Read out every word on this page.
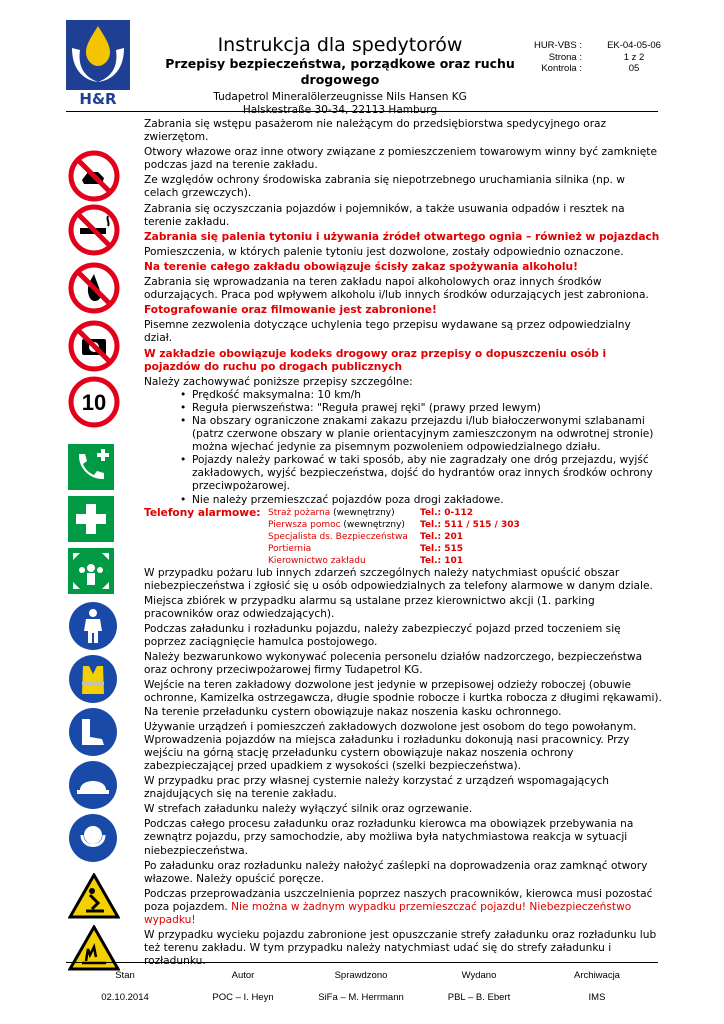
H&R
Instrukcja dla spedytorów
Przepisy bezpieczeństwa, porządkowe oraz ruchu drogowego
Tudapetrol Mineralölerzeugnisse Nils Hansen KG
Halskestraße 30-34, 22113 Hamburg
HUR-VBS :	EK-04-05-06
Strona :	1 z 2
Kontrola :	05
10

Zabrania się wstępu pasażerom nie należącym do przedsiębiorstwa spedycyjnego oraz zwierzętom.

Otwory włazowe oraz inne otwory związane z pomieszczeniem towarowym winny być zamknięte podczas jazd na terenie zakładu.

Ze względów ochrony środowiska zabrania się niepotrzebnego uruchamiania silnika (np. w celach grzewczych).

Zabrania się oczyszczania pojazdów i pojemników, a także usuwania odpadów i resztek na terenie zakładu.

Zabrania się palenia tytoniu i używania źródeł otwartego ognia – również w pojazdach

Pomieszczenia, w których palenie tytoniu jest dozwolone, zostały odpowiednio oznaczone.

Na terenie całego zakładu obowiązuje ścisły zakaz spożywania alkoholu!

Zabrania się wprowadzania na teren zakładu napoi alkoholowych oraz innych środków odurzających. Praca pod wpływem alkoholu i/lub innych środków odurzających jest zabroniona.

Fotografowanie oraz filmowanie jest zabronione!

Pisemne zezwolenia dotyczące uchylenia tego przepisu wydawane są przez odpowiedzialny dział.

W zakładzie obowiązuje kodeks drogowy oraz przepisy o dopuszczeniu osób i pojazdów do ruchu po drogach publicznych

Należy zachowywać poniższe przepisy szczególne:

• Prędkość maksymalna: 10 km/h
• Reguła pierwszeństwa: "Reguła prawej ręki" (prawy przed lewym)
• Na obszary ograniczone znakami zakazu przejazdu i/lub białoczerwonymi szlabanami (patrz czerwone obszary w planie orientacyjnym zamieszczonym na odwrotnej stronie) można wjechać jedynie za pisemnym pozwoleniem odpowiedzialnego działu.
• Pojazdy należy parkować w taki sposób, aby nie zagradzały one dróg przejazdu, wyjść zakładowych, wyjść bezpieczeństwa, dojść do hydrantów oraz innych środków ochrony przeciwpożarowej.
• Nie należy przemieszczać pojazdów poza drogi zakładowe.
Telefony alarmowe: Straż pożarna (wewnętrzny)	Tel.: 0-112
Pierwsza pomoc (wewnętrzny)	Tel.: 511 / 515 / 303
Specjalista ds. Bezpieczeństwa	Tel.: 201
Portiernia	Tel.: 515
Kierownictwo zakładu	Tel.: 101

W przypadku pożaru lub innych zdarzeń szczególnych należy natychmiast opuścić obszar niebezpieczeństwa i zgłosić się u osób odpowiedzialnych za telefony alarmowe w danym dziale.

Miejsca zbiórek w przypadku alarmu są ustalane przez kierownictwo akcji (1. parking pracowników oraz odwiedzających).

Podczas załadunku i rozładunku pojazdu, należy zabezpieczyć pojazd przed toczeniem się poprzez zaciągnięcie hamulca postojowego.

Należy bezwarunkowo wykonywać polecenia personelu działów nadzorczego, bezpieczeństwa oraz ochrony przeciwpożarowej firmy Tudapetrol KG.

Wejście na teren zakładowy dozwolone jest jedynie w przepisowej odzieży roboczej (obuwie ochronne, Kamizelka ostrzegawcza, długie spodnie robocze i kurtka robocza z długimi rękawami). Na terenie przeładunku cystern obowiązuje nakaz noszenia kasku ochronnego.

Używanie urządzeń i pomieszczeń zakładowych dozwolone jest osobom do tego powołanym. Wprowadzenia pojazdów na miejsca załadunku i rozładunku dokonują nasi pracownicy. Przy wejściu na górną stację przeładunku cystern obowiązuje nakaz noszenia ochrony zabezpieczającej przed upadkiem z wysokości (szelki bezpieczeństwa).

W przypadku prac przy własnej cysternie należy korzystać z urządzeń wspomagających znajdujących się na terenie zakładu.

W strefach załadunku należy wyłączyć silnik oraz ogrzewanie.

Podczas całego procesu załadunku oraz rozładunku kierowca ma obowiązek przebywania na zewnątrz pojazdu, przy samochodzie, aby możliwa była natychmiastowa reakcja w sytuacji niebezpieczeństwa.

Po załadunku oraz rozładunku należy nałożyć zaślepki na doprowadzenia oraz zamknąć otwory włazowe. Należy opuścić poręcze.

Podczas przeprowadzania uszczelnienia poprzez naszych pracowników, kierowca musi pozostać poza pojazdem. Nie można w żadnym wypadku przemieszczać pojazdu! Niebezpieczeństwo wypadku!

W przypadku wycieku pojazdu zabronione jest opuszczanie strefy załadunku oraz rozładunku lub też terenu zakładu. W tym przypadku należy natychmiast udać się do strefy załadunku i rozładunku.

Stan	Autor	Sprawdzono	Wydano	Archiwacja
02.10.2014	POC – I. Heyn	SiFa – M. Herrmann	PBL – B. Ebert	IMS
